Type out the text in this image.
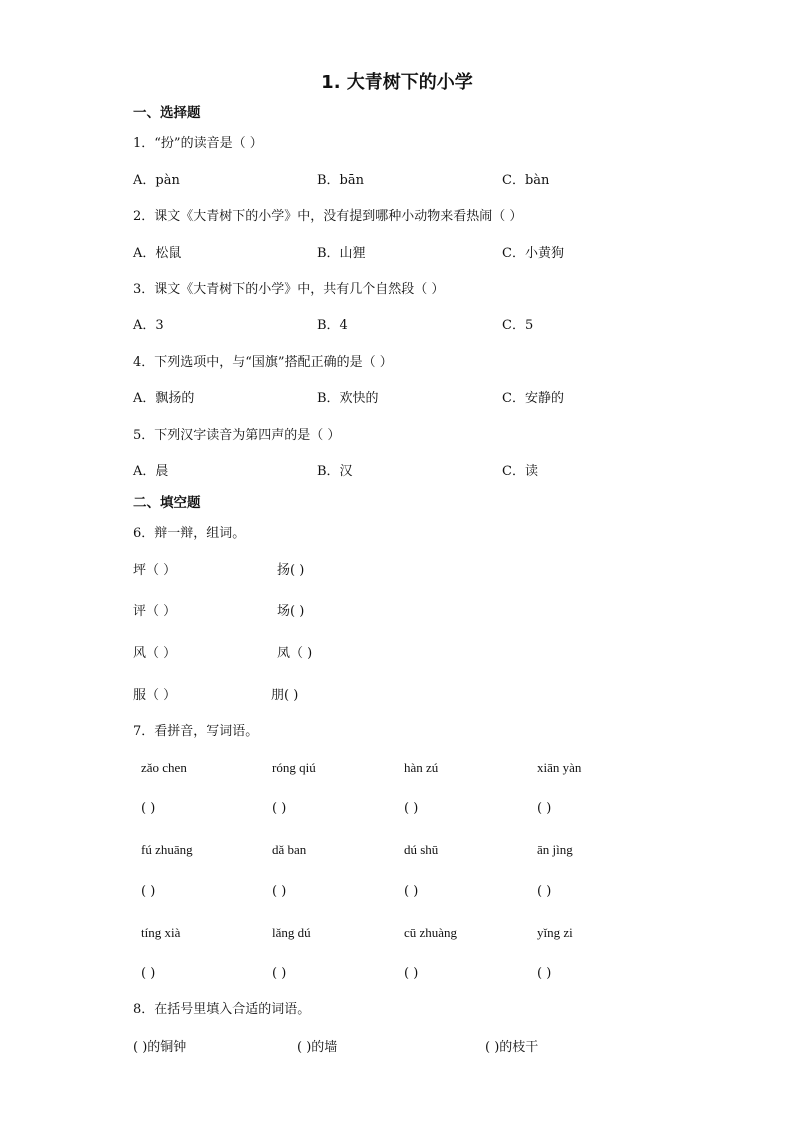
1. 大青树下的小学
一、选择题
1．“扮”的读音是（ ）
A．pàn	B．bān	C．bàn
2．课文《大青树下的小学》中，没有提到哪种小动物来看热闹（ ）
A．松鼠	B．山狸	C．小黄狗
3．课文《大青树下的小学》中，共有几个自然段（ ）
A．3	B．4	C．5
4．下列选项中，与“国旗”搭配正确的是（ ）
A．飘扬的	B．欢快的	C．安静的
5．下列汉字读音为第四声的是（ ）
A．晨	B．汉	C．读
二、填空题
6．辩一辩，组词。
坪（ ）	扬( )
评（ ）	场( )
风（ ）	凤（ )
服（ ）	朋( )
7．看拼音，写词语。
zǎo chen	róng qiú	hàn zú	xiān yàn
( )	( )	( )	( )
fú zhuāng	dǎ ban	dú shū	ān jìng
( )	( )	( )	( )
tíng xià	lǎng dú	cū zhuàng	yǐng zi
( )	( )	( )	( )
8．在括号里填入合适的词语。
( )的铜钟	( )的墙	( )的枝干
